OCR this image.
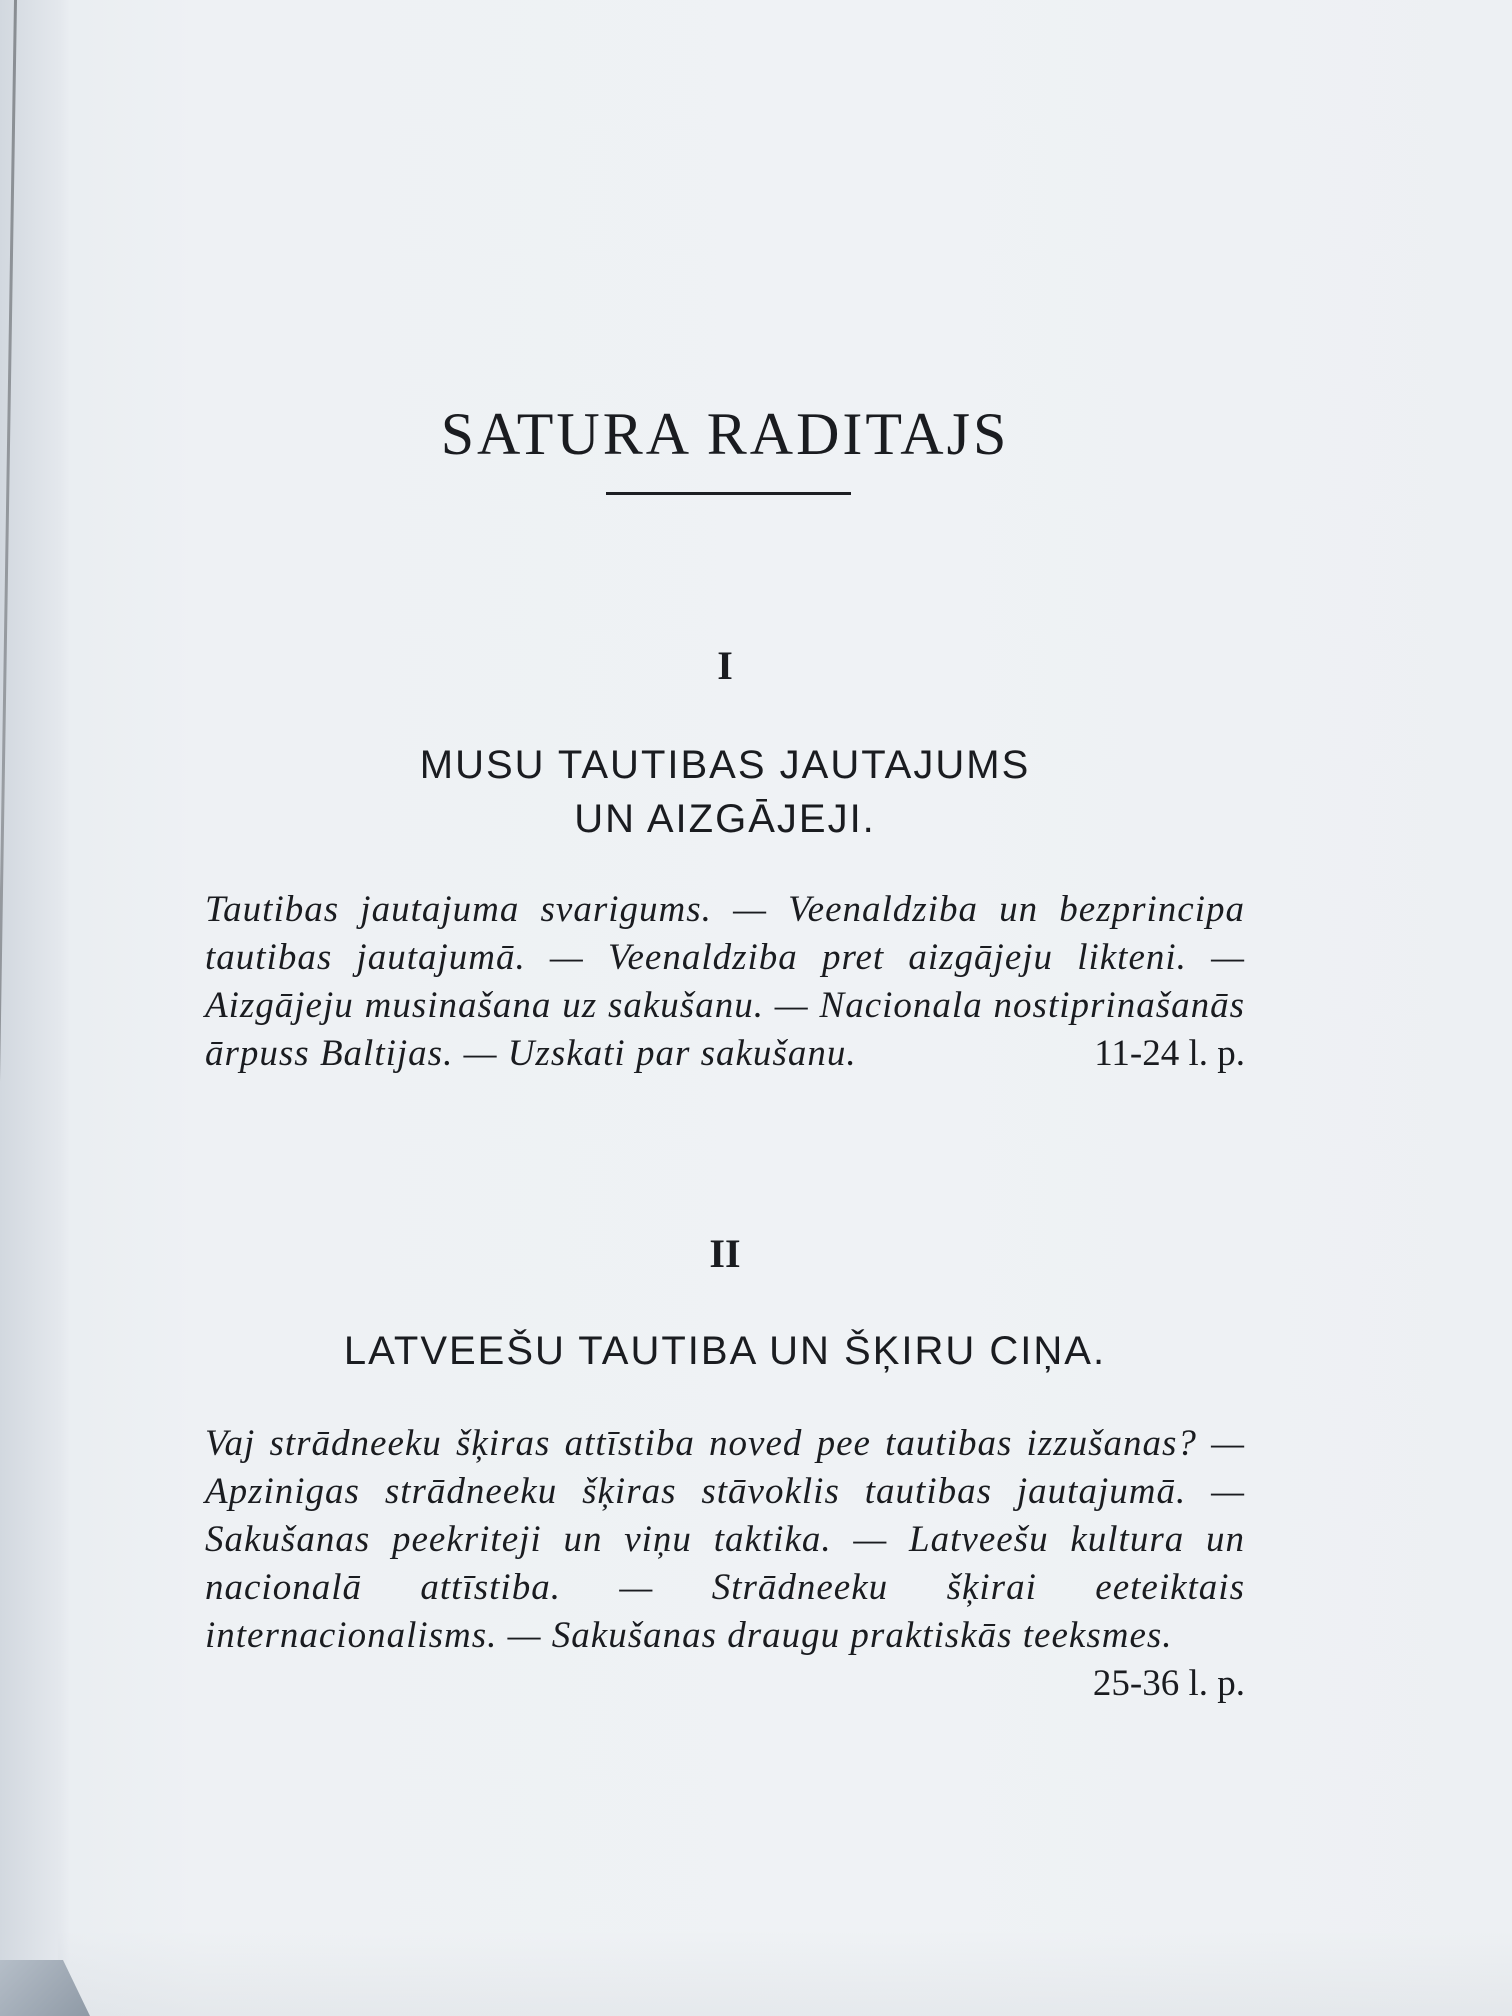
SATURA RADITAJS
I
MUSU TAUTIBAS JAUTAJUMS
UN AIZGĀJEJI.
Tautibas jautajuma svarigums. — Veenaldziba un bezprincipa tautibas jautajumā. — Veenaldziba pret aizgājeju likteni. — Aizgājeju musinašana uz sakušanu. — Nacionala nostiprinašanās ārpuss Baltijas. — Uzskati par sakušanu.	11-24 l. p.
II
LATVEEŠU TAUTIBA UN ŠĶIRU CIŅA.
Vaj strādneeku šķiras attīstiba noved pee tautibas izzušanas? — Apzinigas strādneeku šķiras stāvoklis tautibas jautajumā. — Sakušanas peekriteji un viņu taktika. — Latveešu kultura un nacionalā attīstiba. — Strādneeku šķirai eeteiktais internacionalisms. — Sakušanas draugu praktiskās teeksmes.
25-36 l. p.
